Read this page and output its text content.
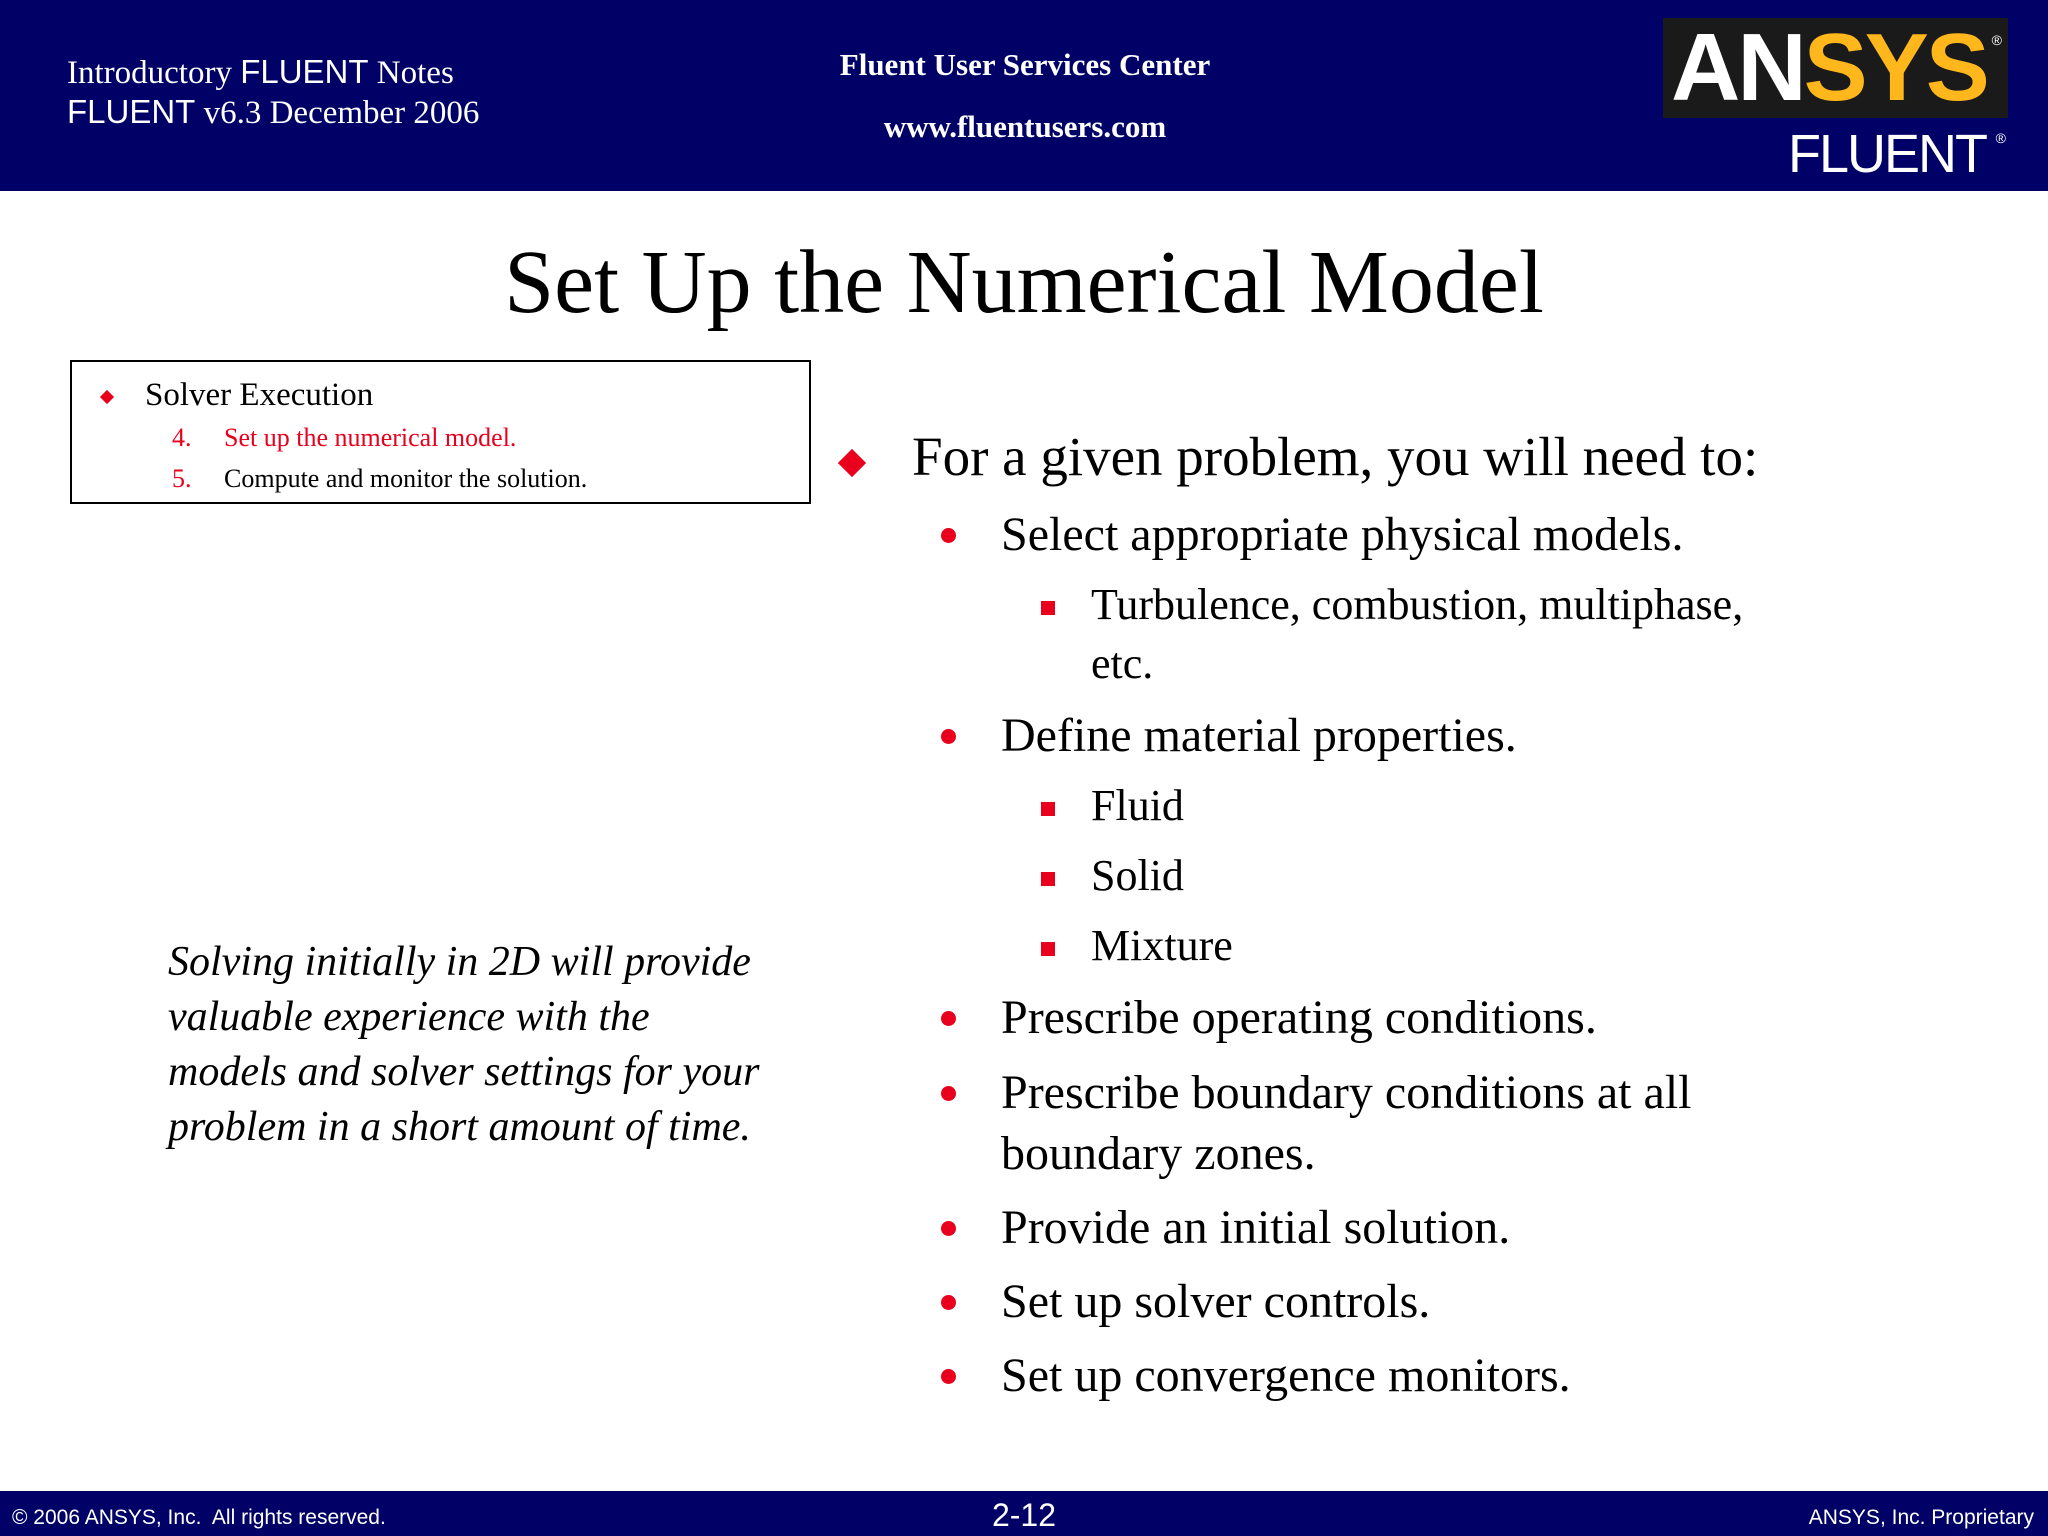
Introductory FLUENT Notes
FLUENT v6.3 December 2006
Fluent User Services Center
www.fluentusers.com
ANSYS ®
FLUENT ®
Set Up the Numerical Model
Solver Execution
4. Set up the numerical model.
5. Compute and monitor the solution.
Solving initially in 2D will provide valuable experience with the models and solver settings for your problem in a short amount of time.
For a given problem, you will need to:
Select appropriate physical models.
Turbulence, combustion, multiphase,
etc.
Define material properties.
Fluid
Solid
Mixture
Prescribe operating conditions.
Prescribe boundary conditions at all
boundary zones.
Provide an initial solution.
Set up solver controls.
Set up convergence monitors.
© 2006 ANSYS, Inc.  All rights reserved.	2-12	ANSYS, Inc. Proprietary
